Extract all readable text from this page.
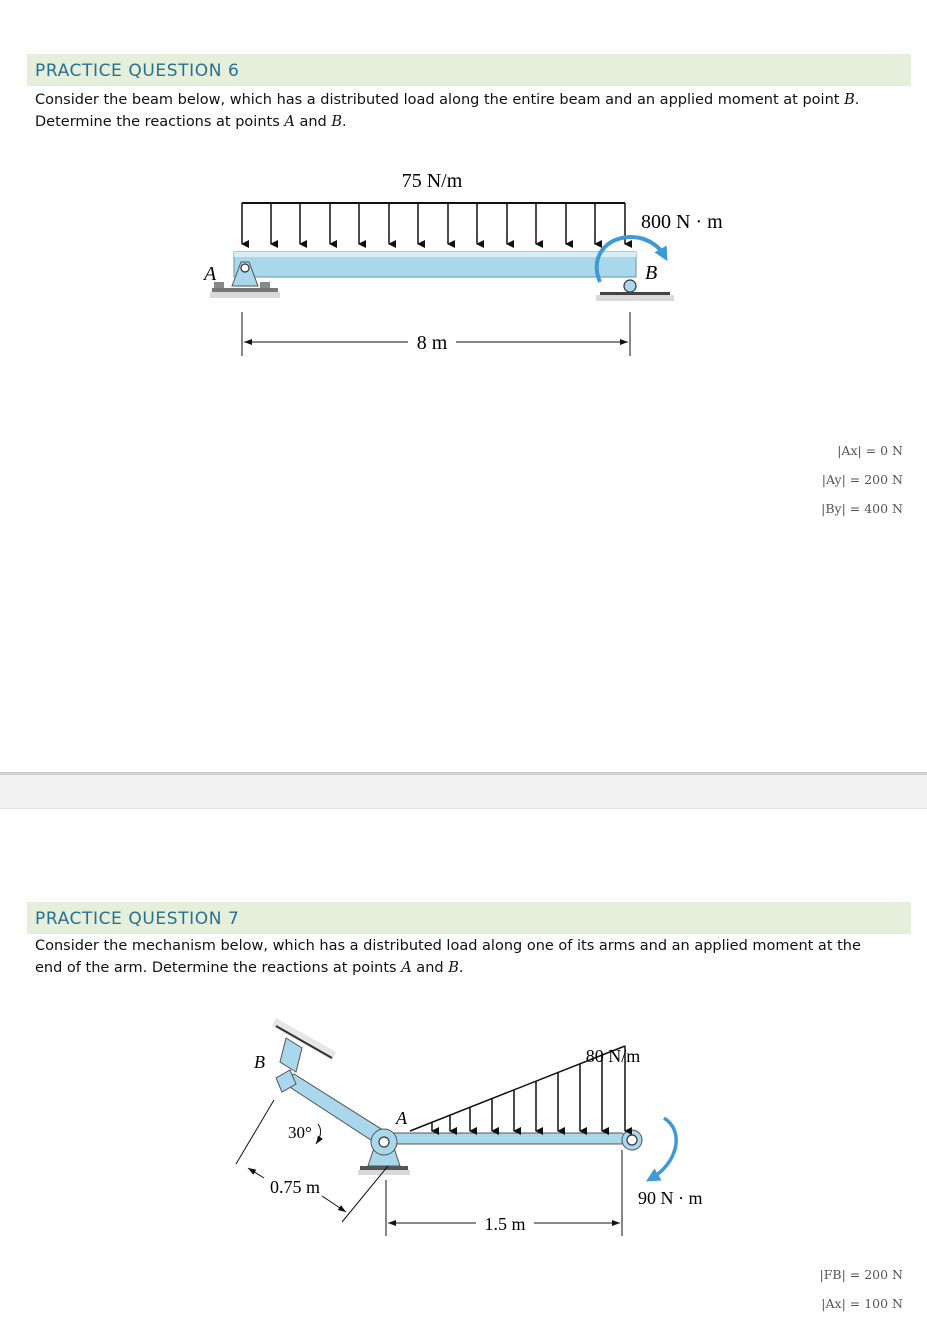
PRACTICE QUESTION 6
Consider the beam below, which has a distributed load along the entire beam and an applied moment at point B.
Determine the reactions at points A and B.
75 N/m
A	B
800 N · m
8 m
|Ax| = 0 N
|Ay| = 200 N
|By| = 400 N
PRACTICE QUESTION 7
Consider the mechanism below, which has a distributed load along one of its arms and an applied moment at the
end of the arm. Determine the reactions at points A and B.
B
A
80 N/m
30°
0.75 m
1.5 m
90 N · m
|FB| = 200 N
|Ax| = 100 N
